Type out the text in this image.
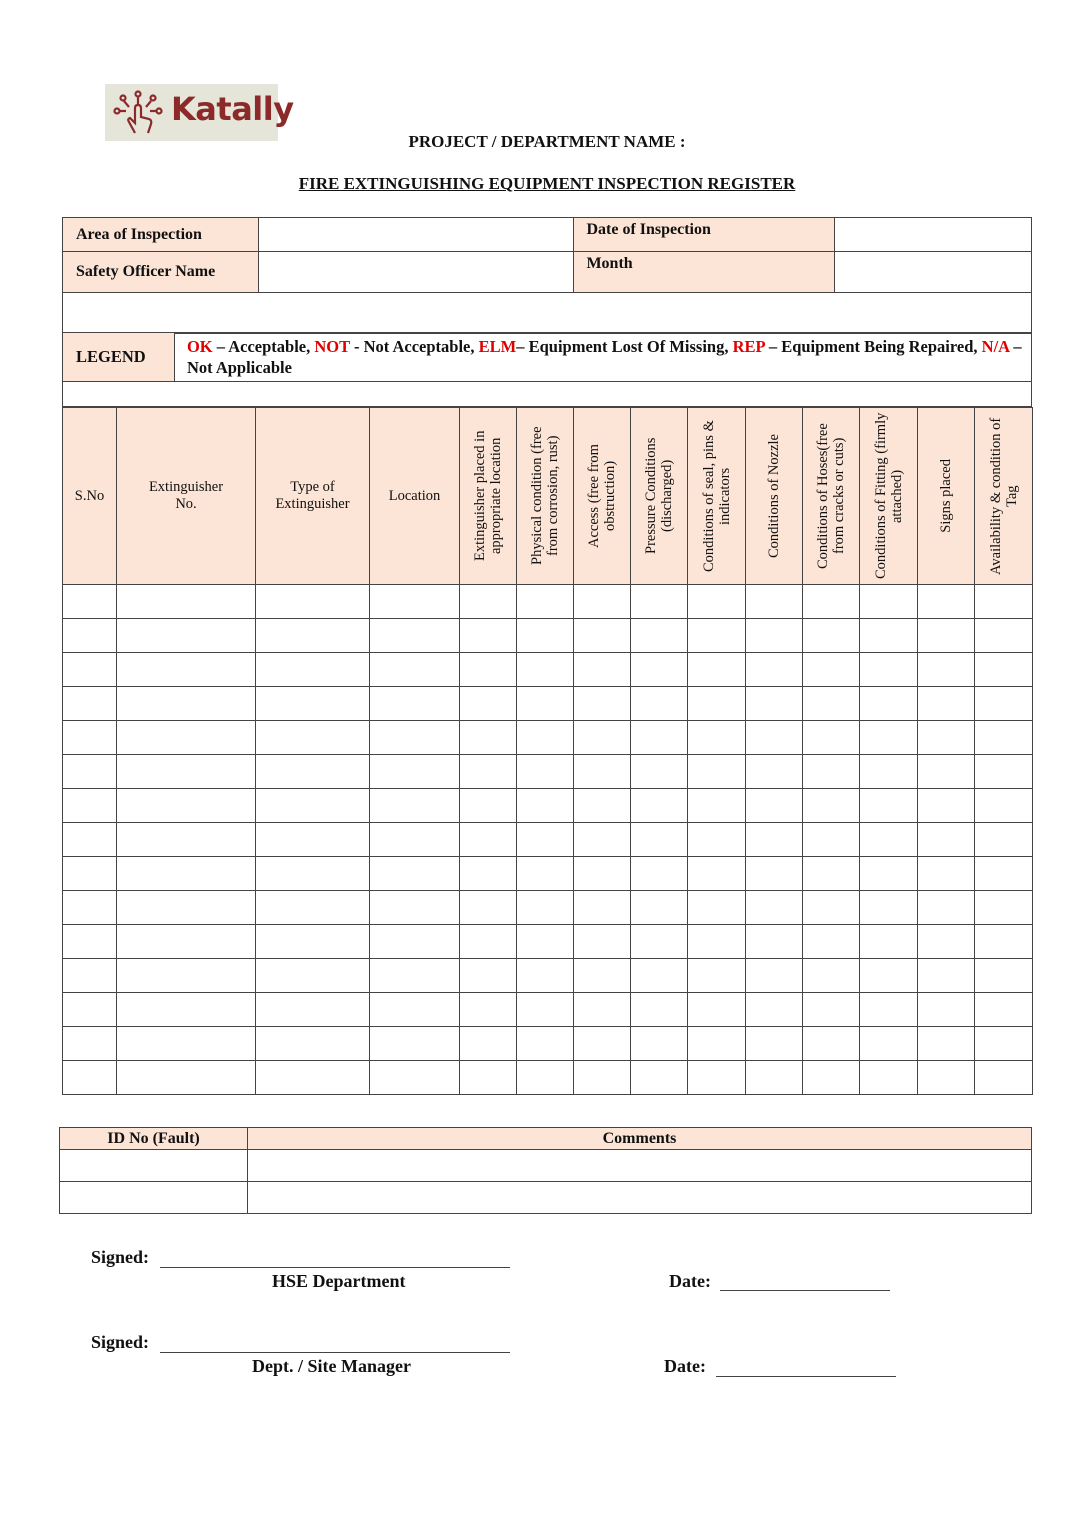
Katally
PROJECT / DEPARTMENT NAME :
FIRE EXTINGUISHING EQUIPMENT INSPECTION REGISTER
Area of Inspection		Date of Inspection	
Safety Officer Name		Month	

LEGEND	OK – Acceptable, NOT - Not Acceptable, ELM– Equipment Lost Of Missing, REP – Equipment Being Repaired, N/A – Not Applicable

S.No	Extinguisher No.	Type of Extinguisher	Location	Extinguisher placed in appropriate location	Physical condition (free from corrosion, rust)	Access (free from obstruction)	Pressure Conditions (discharged)	Conditions of seal, pins & indicators	Conditions of Nozzle	Conditions of Hoses(free from cracks or cuts)	Conditions of Fitting (firmly attached)	Signs placed	Availability & condition of Tag

ID No (Fault)	Comments

Signed:
HSE Department	Date:
Signed:
Dept. / Site Manager	Date:
